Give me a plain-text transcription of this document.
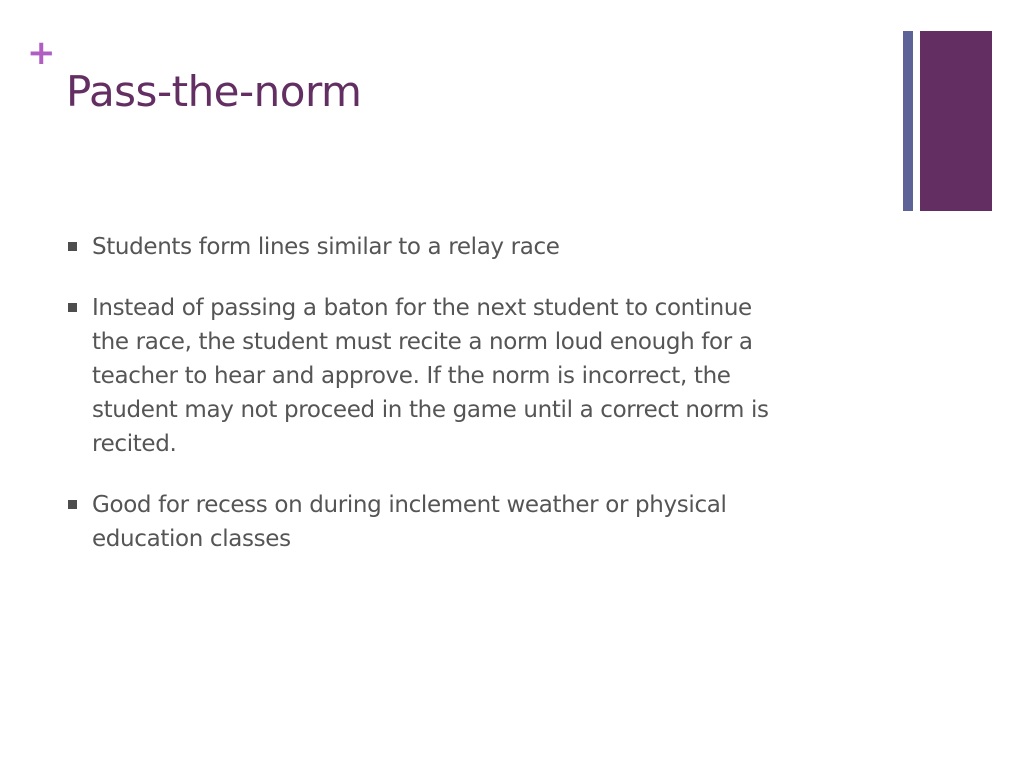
+
Pass-the-norm
Students form lines similar to a relay race
Instead of passing a baton for the next student to continue
the race, the student must recite a norm loud enough for a
teacher to hear and approve. If the norm is incorrect, the
student may not proceed in the game until a correct norm is
recited.
Good for recess on during inclement weather or physical
education classes
